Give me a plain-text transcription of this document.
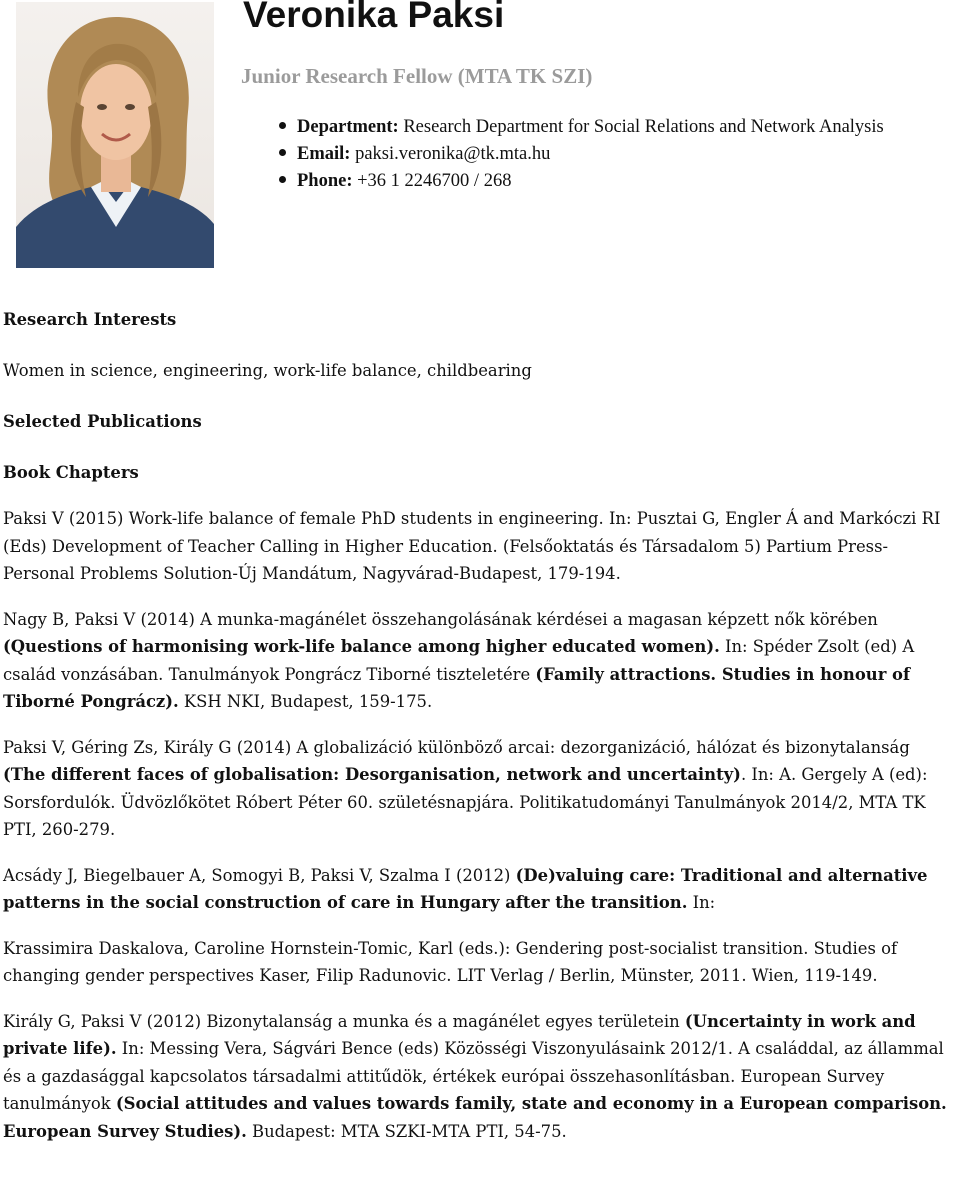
Veronika Paksi
Junior Research Fellow (MTA TK SZI)
Department: Research Department for Social Relations and Network Analysis
Email: paksi.veronika@tk.mta.hu
Phone: +36 1 2246700 / 268

Research Interests

Women in science, engineering, work-life balance, childbearing

Selected Publications

Book Chapters

Paksi V (2015) Work-life balance of female PhD students in engineering. In: Pusztai G, Engler Á and Markóczi RI (Eds) Development of Teacher Calling in Higher Education. (Felsőoktatás és Társadalom 5) Partium Press-Personal Problems Solution-Új Mandátum, Nagyvárad-Budapest, 179-194.

Nagy B, Paksi V (2014) A munka-magánélet összehangolásának kérdései a magasan képzett nők körében (Questions of harmonising work-life balance among higher educated women). In: Spéder Zsolt (ed) A család vonzásában. Tanulmányok Pongrácz Tiborné tiszteletére (Family attractions. Studies in honour of Tiborné Pongrácz). KSH NKI, Budapest, 159-175.

Paksi V, Géring Zs, Király G (2014) A globalizáció különböző arcai: dezorganizáció, hálózat és bizonytalanság (The different faces of globalisation: Desorganisation, network and uncertainty). In: A. Gergely A (ed): Sorsfordulók. Üdvözlőkötet Róbert Péter 60. születésnapjára. Politikatudományi Tanulmányok 2014/2, MTA TK PTI, 260-279.

Acsády J, Biegelbauer A, Somogyi B, Paksi V, Szalma I (2012) (De)valuing care: Traditional and alternative patterns in the social construction of care in Hungary after the transition. In:

Krassimira Daskalova, Caroline Hornstein-Tomic, Karl (eds.): Gendering post-socialist transition. Studies of changing gender perspectives Kaser, Filip Radunovic. LIT Verlag / Berlin, Münster, 2011. Wien, 119-149.

Király G, Paksi V (2012) Bizonytalanság a munka és a magánélet egyes területein (Uncertainty in work and private life). In: Messing Vera, Ságvári Bence (eds) Közösségi Viszonyulásaink 2012/1. A családdal, az állammal és a gazdasággal kapcsolatos társadalmi attitűdök, értékek európai összehasonlításban. European Survey tanulmányok (Social attitudes and values towards family, state and economy in a European comparison. European Survey Studies). Budapest: MTA SZKI-MTA PTI, 54-75.
